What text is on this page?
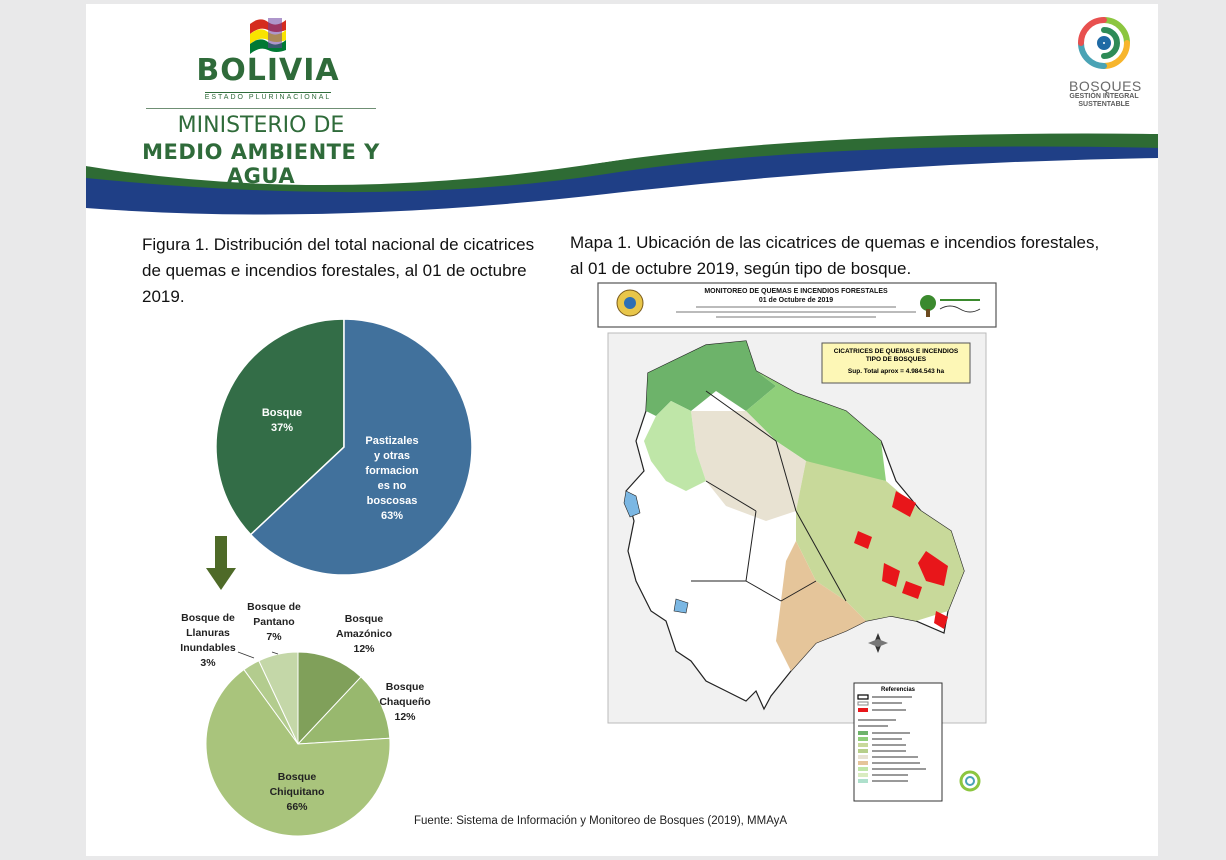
BOLIVIA
ESTADO PLURINACIONAL
MINISTERIO DE
MEDIO AMBIENTE Y AGUA
BOSQUES
GESTIÓN INTEGRAL
SUSTENTABLE
Figura 1. Distribución del total nacional de cicatrices de quemas e incendios forestales, al 01 de octubre 2019.
Mapa 1. Ubicación de las cicatrices de quemas e incendios forestales, al 01 de octubre 2019, según tipo de bosque.
Bosque
37%
Pastizales
y otras
formacion
es no
boscosas
63%
Bosque
Amazónico
12%
Bosque
Chaqueño
12%
Bosque
Chiquitano
66%
Bosque de
Llanuras
Inundables
3%
Bosque de
Pantano
7%
MONITOREO DE QUEMAS E INCENDIOS FORESTALES
01 de Octubre de 2019
CICATRICES DE QUEMAS E INCENDIOS
TIPO DE BOSQUES
Sup. Total aprox = 4.984.543 ha
Referencias
Fuente: Sistema de Información y Monitoreo de Bosques (2019), MMAyA
